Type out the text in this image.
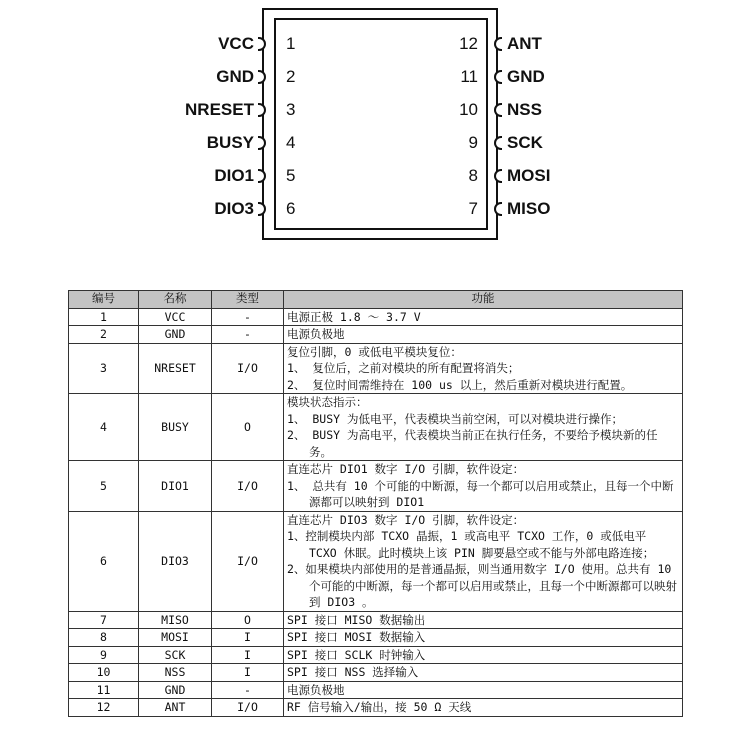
VCC 1	12 ANT
GND 2	11 GND
NRESET 3	10 NSS
BUSY 4	9 SCK
DIO1 5	8 MOSI
DIO3 6	7 MISO
编号	名称	类型	功能
1	VCC	-	电源正极 1.8 ～ 3.7 V

2	GND	-	电源负极地

3	NRESET	I/O	复位引脚，0 或低电平模块复位：
1、 复位后，之前对模块的所有配置将消失；
2、 复位时间需维持在 100 us 以上，然后重新对模块进行配置。

4	BUSY	O	模块状态指示：
1、 BUSY 为低电平，代表模块当前空闲，可以对模块进行操作；
2、 BUSY 为高电平，代表模块当前正在执行任务，不要给予模块新的任务。

5	DIO1	I/O	直连芯片 DIO1 数字 I/O 引脚，软件设定：
1、 总共有 10 个可能的中断源，每一个都可以启用或禁止，且每一个中断源都可以映射到 DIO1

6	DIO3	I/O	直连芯片 DIO3 数字 I/O 引脚，软件设定：
1、控制模块内部 TCXO 晶振，1 或高电平 TCXO 工作，0 或低电平 TCXO 休眠。此时模块上该 PIN 脚要悬空或不能与外部电路连接；
2、如果模块内部使用的是普通晶振，则当通用数字 I/O 使用。总共有 10 个可能的中断源，每一个都可以启用或禁止，且每一个中断源都可以映射到 DIO3 。

7	MISO	O	SPI 接口 MISO 数据输出

8	MOSI	I	SPI 接口 MOSI 数据输入

9	SCK	I	SPI 接口 SCLK 时钟输入

10	NSS	I	SPI 接口 NSS 选择输入

11	GND	-	电源负极地

12	ANT	I/O	RF 信号输入/输出，接 50 Ω 天线
